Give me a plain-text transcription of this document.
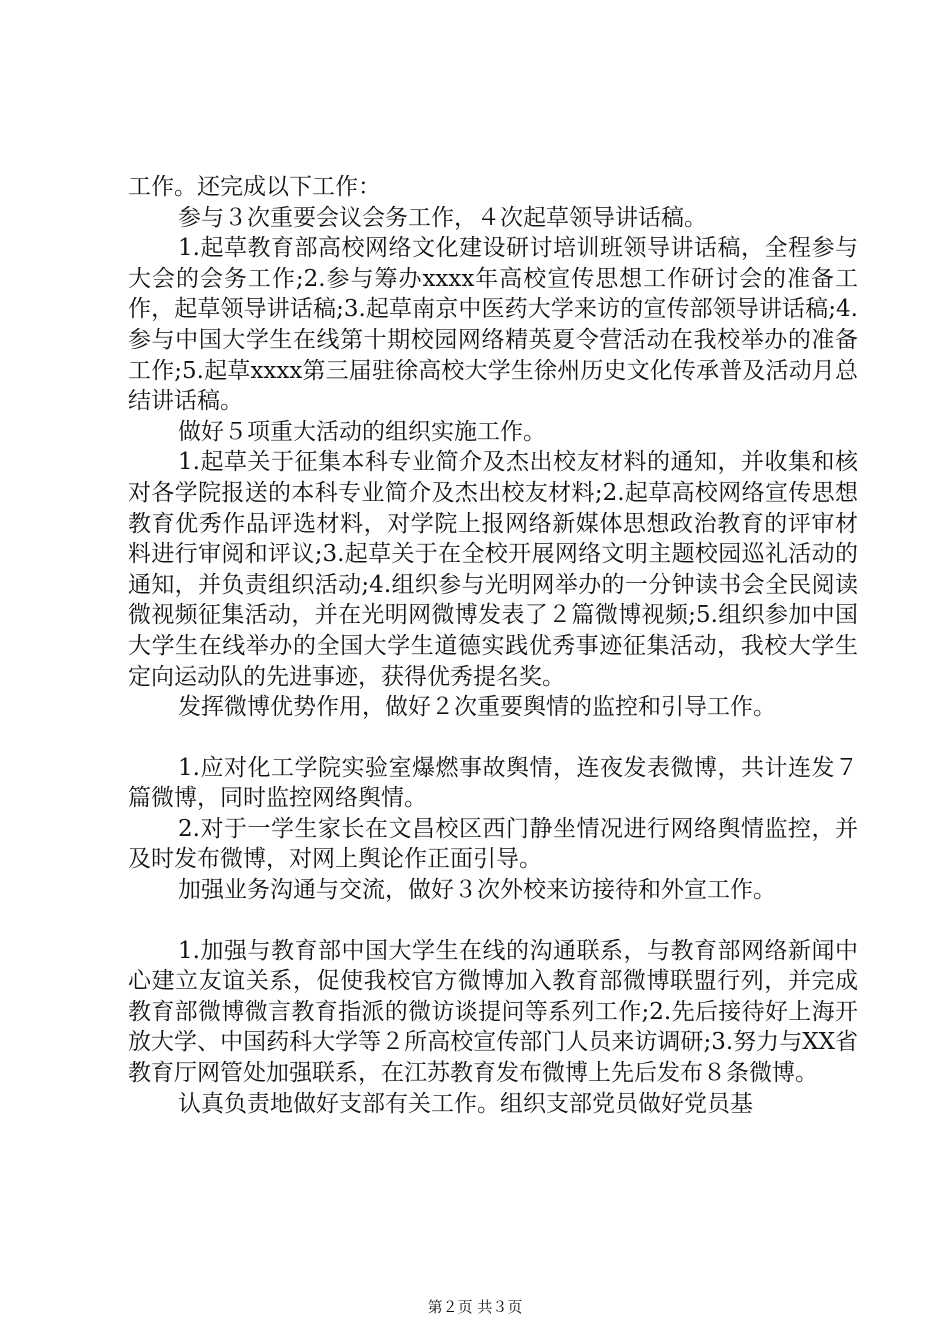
工作。还完成以下工作：

参与３次重要会议会务工作，４次起草领导讲话稿。

1.起草教育部高校网络文化建设研讨培训班领导讲话稿，全程参与大会的会务工作;2.参与筹办xxxx年高校宣传思想工作研讨会的准备工作，起草领导讲话稿;3.起草南京中医药大学来访的宣传部领导讲话稿;4.参与中国大学生在线第十期校园网络精英夏令营活动在我校举办的准备工作;5.起草xxxx第三届驻徐高校大学生徐州历史文化传承普及活动月总结讲话稿。

做好５项重大活动的组织实施工作。

1.起草关于征集本科专业简介及杰出校友材料的通知，并收集和核对各学院报送的本科专业简介及杰出校友材料;2.起草高校网络宣传思想教育优秀作品评选材料，对学院上报网络新媒体思想政治教育的评审材料进行审阅和评议;3.起草关于在全校开展网络文明主题校园巡礼活动的通知，并负责组织活动;4.组织参与光明网举办的一分钟读书会全民阅读微视频征集活动，并在光明网微博发表了２篇微博视频;5.组织参加中国大学生在线举办的全国大学生道德实践优秀事迹征集活动，我校大学生定向运动队的先进事迹，获得优秀提名奖。

发挥微博优势作用，做好２次重要舆情的监控和引导工作。

1.应对化工学院实验室爆燃事故舆情，连夜发表微博，共计连发７篇微博，同时监控网络舆情。

2.对于一学生家长在文昌校区西门静坐情况进行网络舆情监控，并及时发布微博，对网上舆论作正面引导。

加强业务沟通与交流，做好３次外校来访接待和外宣工作。

1.加强与教育部中国大学生在线的沟通联系，与教育部网络新闻中心建立友谊关系，促使我校官方微博加入教育部微博联盟行列，并完成教育部微博微言教育指派的微访谈提问等系列工作;2.先后接待好上海开放大学、中国药科大学等２所高校宣传部门人员来访调研;3.努力与XX省教育厅网管处加强联系，在江苏教育发布微博上先后发布８条微博。

认真负责地做好支部有关工作。组织支部党员做好党员基

第２页 共３页
